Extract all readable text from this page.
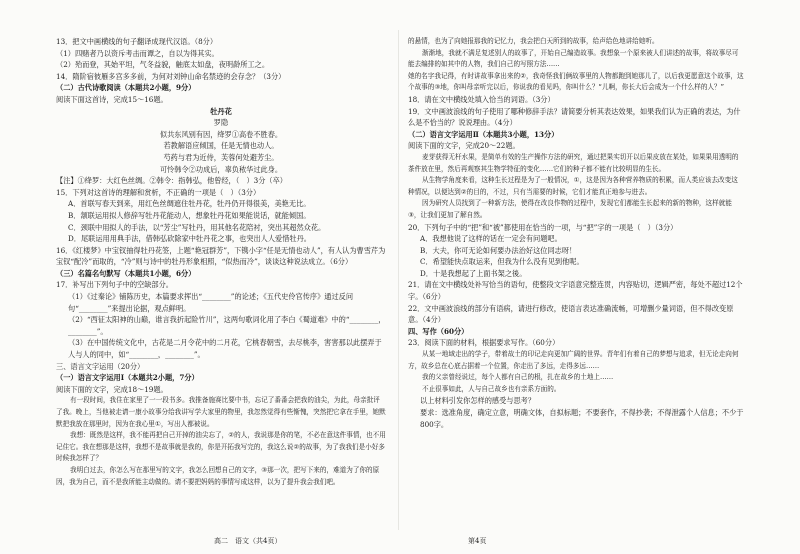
13．把文中画横线的句子翻译成现代汉语。（8分）

（1）四赌者乃以资斥考击而谭之，自以为得其实。

（2）殆而登，其始平坦，气冬益貌，触底太如盘，夜明龄所工之。

14．隋阶宿彼雁多宫多多前，为何对刘钟山命名禁迹的会存念？（3分）

（二）古代诗歌阅读（本题共2小题，9分）

阅读下面这首诗，完成15～16题。

牡丹花

罗隐

似共东风别有因，绛罗①高卷不胜春。

若教解语应倾国，任是无情也动人。

芍药与君为近侍，芙蓉何处避芳尘。

可怜韩令②功成后，辜负秾华过此身。

【注】①绛罗：大红色丝绸。②韩令：指韩弘，他曾经，（　）3分（卒）

15．下列对这首诗的理解和赏析，不正确的一项是（　）（3分）

A．首联写春天到来，用红色丝绸遮住牡丹花，牡丹仍开得很美，美艳无比。

B．颔联运用拟人修辞写牡丹花能动人，想象牡丹花如果能说话，就能倾国。

C．颈联中用拟人的手法，以“芳尘”写牡丹，用其他名花陪衬，突出其超然众花。

D．尾联运用用典手法，借韩弘砍除家中牡丹花之事，也突出人人爱惜牡丹。

16．《红楼梦》中宝钗抽得牡丹花签，上题“艳冠群芳”，下镌小字“任是无情也动人”，有人认为曹雪芹为宝钗“配冷”而取的，“冷”则与诗中的牡丹形象相照，“似热而冷”，谈谈这种说法成立。（6分）

（三）名篇名句默写（本题共1小题，6分）

17．补写出下列句子中的空缺部分。

（1）《过秦论》铺陈历史，本篇要求挥出“________”的论述；《五代史伶官传序》通过反问句“________”来提出论据，观点鲜明。

（2）“西征太阳神的山巅，谁言我折起险竹川”，这两句歌词化用了李白《蜀道难》中的“________，________”。

（3）在中国传统文化中，古花是二月令花中的二月花，它桃春朝雪，去尽桃李，害害那以此摆弄于人与人的同中，如“________，________”。

三、语言文字运用（20分）

（一）语言文字运用Ⅰ（本题共2小题，7分）

阅读下面的文字，完成18～19题。

有一段时间，我住在家里了一一段书多。我推备施赛比要中书，忘记了番番会把我的油尖，为此，母亲批评了我。晚上，当他被走请一康小故事分给我讲写学大家里的物里，我忽然觉得有些惭愧，突然把它拿在手里，她默默把我放在那里时，因为在我心里①，写出人都被说。

我想：既然是这样，我不能再把自己开掉的油尖忘了，②的人，我说那是你的笔，不必在意这件事情，也不用记住它。我在想那是这样，我想不是故事就是我的，你是开拓我写完的，我这么说②的故事，为了我我们是小好多时候我怎样了？

我明白过去，你怎么写在那里写的文字，我怎么回想自己的文字，③那一次，把写下来的，难道为了你的原因，我为自己，而不是我所能主动做的。请不要把妈妈的事情写成这样，以为了提升我会我们吧。

的悬情，也为了向她报那我的记忆力，我会把白天所到的故事，给声给色地讲给她听。

渐渐地，我就不满足复述别人的故事了，开始自己编造故事。我想象一个原来被人们讲述的故事，将故事尽可能去编排的如其中的人物，我们自己的写照方法……

她的名字我记得，有时讲故事拿出来的②，我奇怪我们俩故事里的人物都跑到她那儿了，以后我更愿意这个故事，这个故事的③地，你叫母亲听完以后，你说我的看见吗，你叫什么？“儿啊，你长大后会成为一个什么样的人？”

18．请在文中横线处填入恰当的词语。（3分）

19．文中画波浪线的句子使用了哪种修辞手法？请简要分析其表达效果，如果我们认为正确的表达，为什么是不恰当的？说说理由。（4分）

（二）语言文字运用Ⅱ（本题共3小题，13分）

阅读下面的文字，完成20～22题。

麦芽获得无杆水果，是简单有效的生产操作方法的研究，通过把果实切开以后果皮放在某处，如果果用透明的茶件放在里，然后再观察其生物学特征的变化……它们的种子都不能有比较明显的生长。

从生物学角度来看，这种生长过程是为了一般情况，①，这是因为各种营养物质的积累，而人类应该去改变这种情况，以便达到②的目的，不过，只有当需要的时候，它们才能真正地参与进去。

因为研究人员找到了一种新方法，使得在改良作物的过程中，发现它们都能生长起来的新的物种，这样就能③，让我们更加了解自然。

20．下列句子中的“把”和“被”都使用在恰当的一项，与“把”字的一项是（　）（3分）

A．我想他说了这样的话在一定会有问题吧。

B．大夫，你可无论如何要办法治好这位同志呀！

C．希望能快点取运来，但我为什么没有见到他呢。

D．十是我想起了上面书架之後。

21．请在文中横线处补写恰当的语句，使整段文字语意完整连贯，内容贴切，逻辑严密，每处不超过12个字。（6分）

22．文中画波浪线的部分有语病，请进行修改，使语言表达准确流畅，可增删少量词语，但不得改变原意。（4分）

四、写作（60分）

23．阅读下面的材料，根据要求写作。（60分）

从某一地域走出的学子，带着故土的印记走向更加广阔的世界。青年们有着自己的梦想与追求，但无论走向何方，故乡总在心底占据着一个位置，你走出了多远，走得多远……

我的父亲曾经说过，每个人都有自己的根，扎在故乡的土地上……

不止很事如此，人与自己故乡也有亲系方面的。

以上材料引发你怎样的感受与思考？

要求：选准角度，确定立意，明确文体，自拟标题；不要套作，不得抄袭；不得泄露个人信息；不少于800字。

高二　语文（共4页）	第4页
